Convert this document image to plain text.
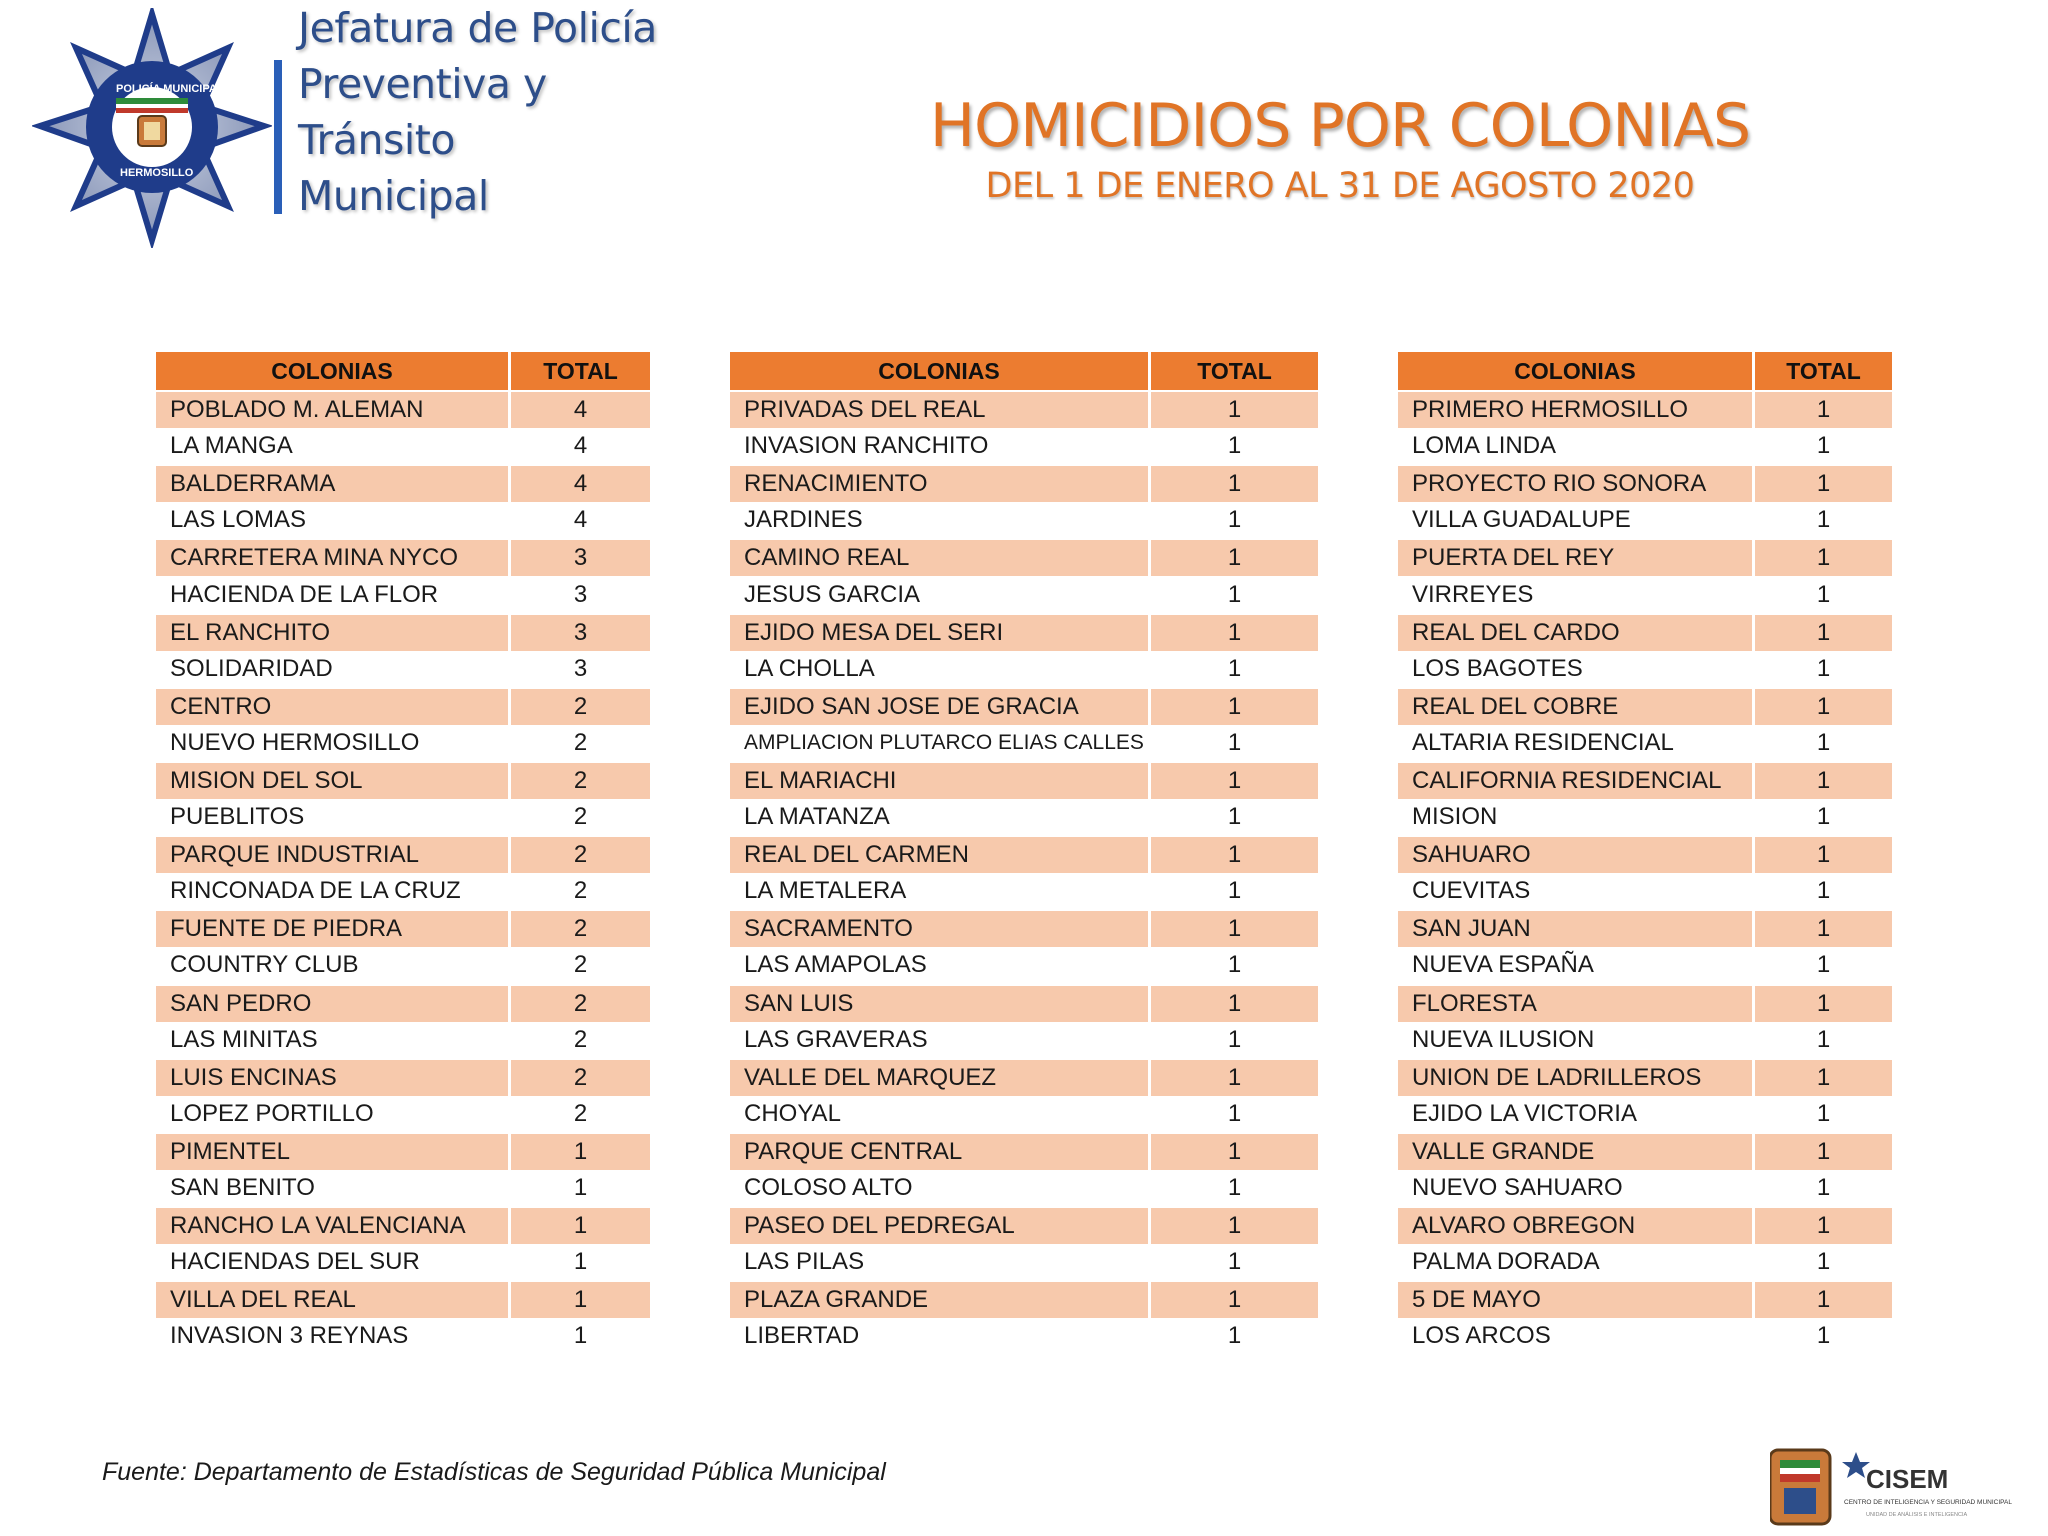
POLICÍA MUNICIPAL
HERMOSILLO
Jefatura de Policía
Preventiva y
Tránsito
Municipal
HOMICIDIOS POR COLONIAS
DEL 1 DE ENERO AL 31 DE AGOSTO 2020
COLONIAS	TOTAL
POBLADO M. ALEMAN	4
LA MANGA	4
BALDERRAMA	4
LAS LOMAS	4
CARRETERA MINA NYCO	3
HACIENDA DE LA FLOR	3
EL RANCHITO	3
SOLIDARIDAD	3
CENTRO	2
NUEVO HERMOSILLO	2
MISION DEL SOL	2
PUEBLITOS	2
PARQUE INDUSTRIAL	2
RINCONADA DE LA CRUZ	2
FUENTE DE PIEDRA	2
COUNTRY CLUB	2
SAN PEDRO	2
LAS MINITAS	2
LUIS ENCINAS	2
LOPEZ PORTILLO	2
PIMENTEL	1
SAN BENITO	1
RANCHO LA VALENCIANA	1
HACIENDAS DEL SUR	1
VILLA DEL REAL	1
INVASION 3 REYNAS	1
COLONIAS	TOTAL
PRIVADAS DEL REAL	1
INVASION RANCHITO	1
RENACIMIENTO	1
JARDINES	1
CAMINO REAL	1
JESUS GARCIA	1
EJIDO MESA DEL SERI	1
LA CHOLLA	1
EJIDO SAN JOSE DE GRACIA	1
AMPLIACION PLUTARCO ELIAS CALLES	1
EL MARIACHI	1
LA MATANZA	1
REAL DEL CARMEN	1
LA METALERA	1
SACRAMENTO	1
LAS AMAPOLAS	1
SAN LUIS	1
LAS GRAVERAS	1
VALLE DEL MARQUEZ	1
CHOYAL	1
PARQUE CENTRAL	1
COLOSO ALTO	1
PASEO DEL PEDREGAL	1
LAS PILAS	1
PLAZA GRANDE	1
LIBERTAD	1
COLONIAS	TOTAL
PRIMERO HERMOSILLO	1
LOMA LINDA	1
PROYECTO RIO SONORA	1
VILLA GUADALUPE	1
PUERTA DEL REY	1
VIRREYES	1
REAL DEL CARDO	1
LOS BAGOTES	1
REAL DEL COBRE	1
ALTARIA RESIDENCIAL	1
CALIFORNIA RESIDENCIAL	1
MISION	1
SAHUARO	1
CUEVITAS	1
SAN JUAN	1
NUEVA ESPAÑA	1
FLORESTA	1
NUEVA ILUSION	1
UNION DE LADRILLEROS	1
EJIDO LA VICTORIA	1
VALLE GRANDE	1
NUEVO SAHUARO	1
ALVARO OBREGON	1
PALMA DORADA	1
5 DE MAYO	1
LOS ARCOS	1
Fuente: Departamento de Estadísticas de Seguridad Pública Municipal	CISEM
CENTRO DE INTELIGENCIA Y SEGURIDAD MUNICIPAL
UNIDAD DE ANÁLISIS E INTELIGENCIA
